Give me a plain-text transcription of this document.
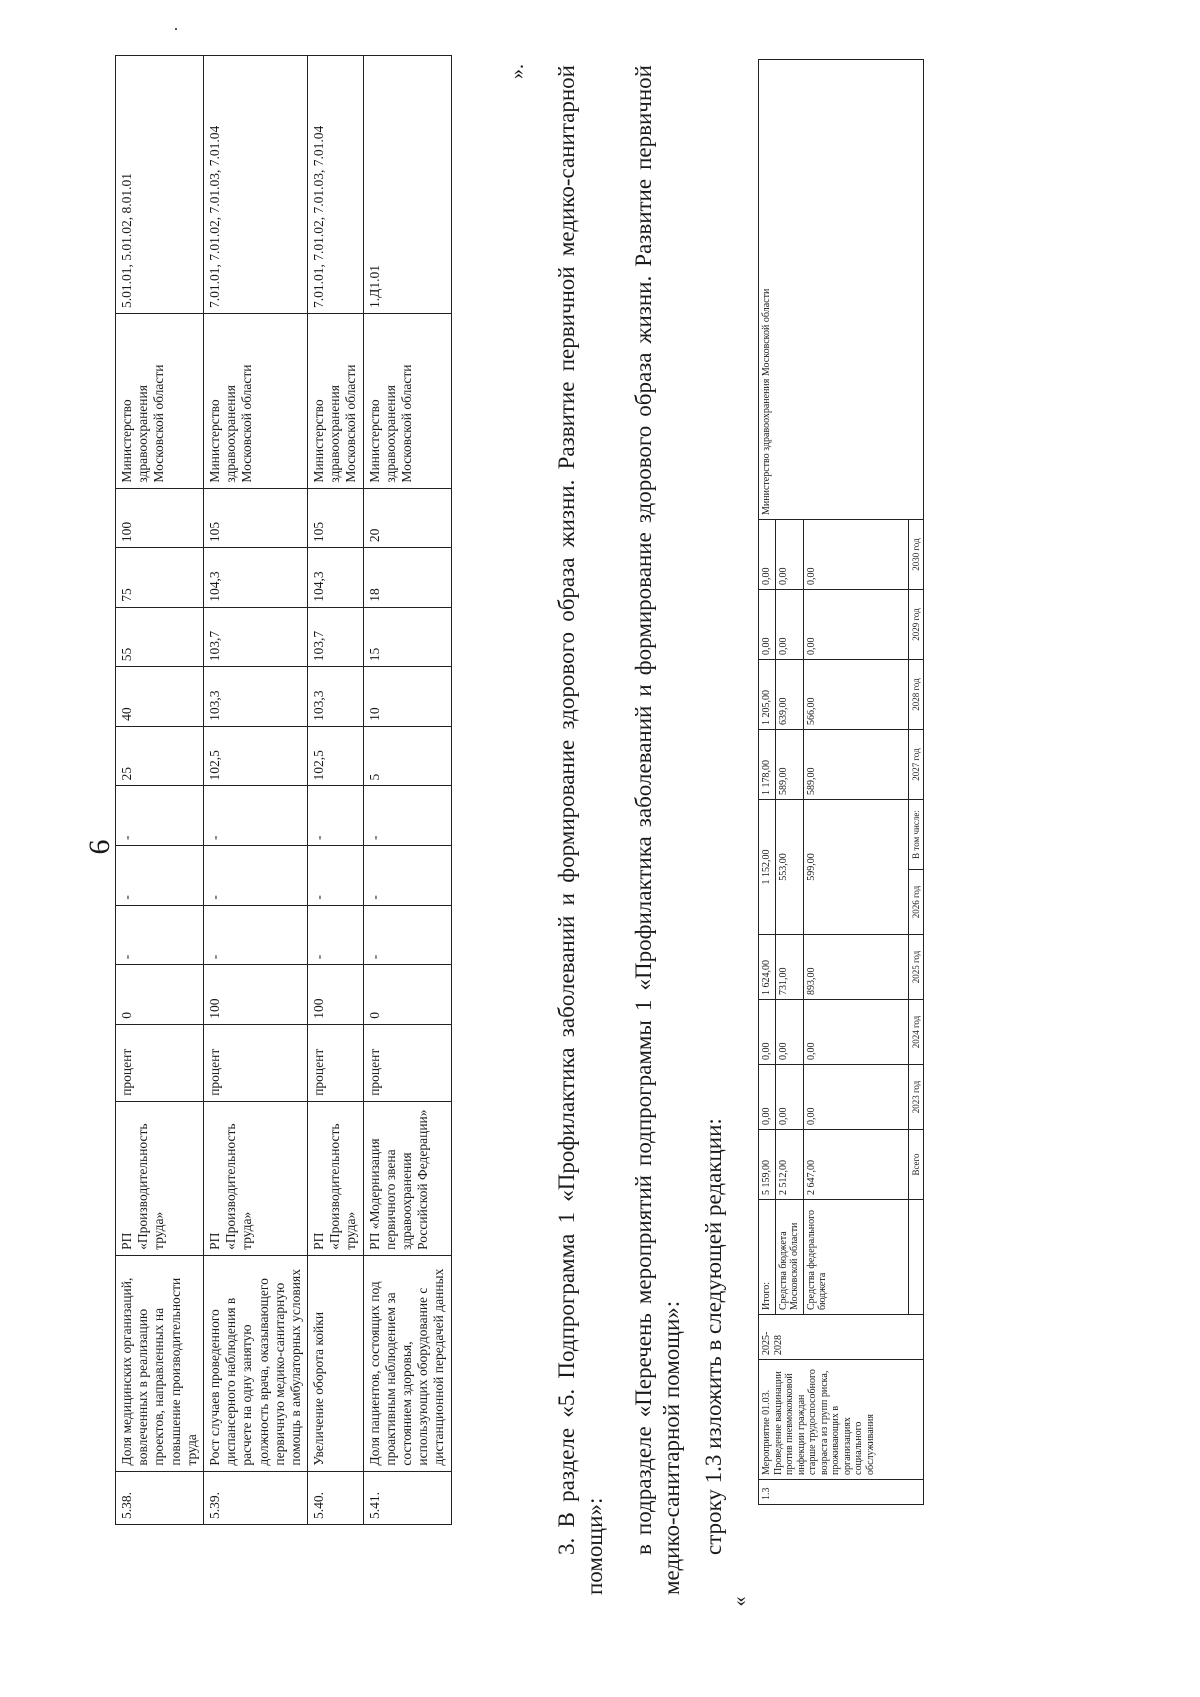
6
5.38.	Доля медицинских организаций, вовлеченных в реализацию проектов, направленных на повышение производительности труда	РП «Производительность труда»	процент	0	-	-	-	25	40	55	75	100	Министерство здравоохранения Московской области	5.01.01, 5.01.02, 8.01.01
5.39.	Рост случаев проведенного диспансерного наблюдения в расчете на одну занятую должность врача, оказывающего первичную медико-санитарную помощь в амбулаторных условиях	РП «Производительность труда»	процент	100	-	-	-	102,5	103,3	103,7	104,3	105	Министерство здравоохранения Московской области	7.01.01, 7.01.02, 7.01.03, 7.01.04
5.40.	Увеличение оборота койки	РП «Производительность труда»	процент	100	-	-	-	102,5	103,3	103,7	104,3	105	Министерство здравоохранения Московской области	7.01.01, 7.01.02, 7.01.03, 7.01.04
5.41.	Доля пациентов, состоящих под проактивным наблюдением за состоянием здоровья, использующих оборудование с дистанционной передачей данных	РП «Модернизация первичного звена здравоохранения Российской Федерации»	процент	0	-	-	-	5	10	15	18	20	Министерство здравоохранения Московской области	1.Д1.01
». 3. В разделе «5. Подпрограмма 1 «Профилактика заболеваний и формирование здорового образа жизни. Развитие первичной медико-санитарной помощи»: в подразделе «Перечень мероприятий подпрограммы 1 «Профилактика заболеваний и формирование здорового образа жизни. Развитие первичной медико-санитарной помощи»: строку 1.3 изложить в следующей редакции:
«
1.3	Мероприятие 01.03. Проведение вакцинации против пневмококковой инфекции граждан старше трудоспособного возраста из групп риска, проживающих в организациях социального обслуживания	2025-2028	Итого:	5 159,00	0,00	0,00	1 624,00	1 152,00		1 178,00	1 205,00	0,00	0,00	Министерство здравоохранения Московской области
			Средства бюджета Московской области	2 512,00	0,00	0,00	731,00	553,00		589,00	639,00	0,00	0,00	
			Средства федерального бюджета	2 647,00	0,00	0,00	893,00	599,00		589,00	566,00	0,00	0,00	
				Всего	2023 год	2024 год	2025 год	2026 год	В том числе:	2027 год	2028 год	2029 год	2030 год	
